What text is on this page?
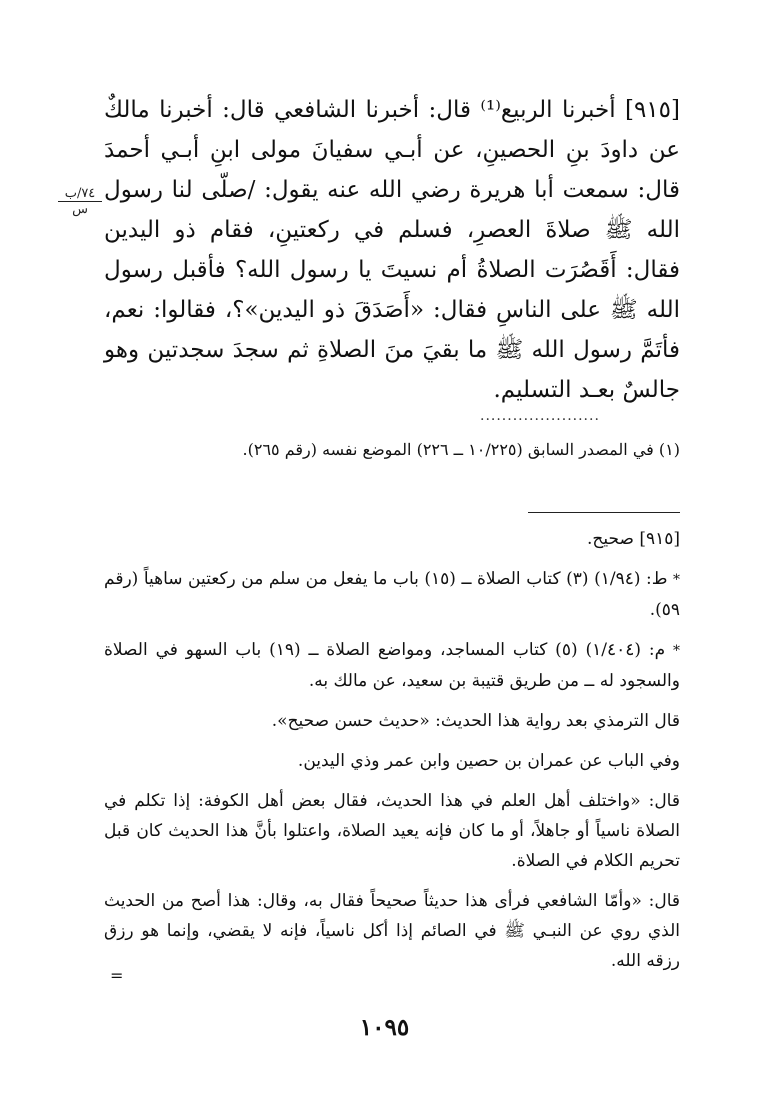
[٩١٥] أخبرنا الربيع⁽¹⁾ قال: أخبرنا الشافعي قال: أخبرنا مالكٌ عن داودَ بنِ الحصينِ، عن أبـي سفيانَ مولى ابنِ أبـي أحمدَ قال: سمعت أبا هريرة رضي الله عنه يقول: /صلّى لنا رسول الله ﷺ صلاةَ العصرِ، فسلم في ركعتينِ، فقام ذو اليدين فقال: أَقَصُرَت الصلاةُ أم نسيتَ يا رسول الله؟ فأقبل رسول الله ﷺ على الناسِ فقال: «أَصَدَقَ ذو اليدين»؟، فقالوا: نعم، فأتَمَّ رسول الله ﷺ ما بقيَ منَ الصلاةِ ثم سجدَ سجدتين وهو جالسٌ بعـد التسليم.

٧٤/ب
س
......................
(١) في المصدر السابق (١٠/٢٢٥ ــ ٢٢٦) الموضع نفسه (رقم ٢٦٥).

[٩١٥] صحيح.

* ط: (١/٩٤) (٣) كتاب الصلاة ــ (١٥) باب ما يفعل من سلم من ركعتين ساهياً (رقم ٥٩).

* م: (١/٤٠٤) (٥) كتاب المساجد، ومواضع الصلاة ــ (١٩) باب السهو في الصلاة والسجود له ــ من طريق قتيبة بن سعيد، عن مالك به.

قال الترمذي بعد رواية هذا الحديث: «حديث حسن صحيح».

وفي الباب عن عمران بن حصين وابن عمر وذي اليدين.

قال: «واختلف أهل العلم في هذا الحديث، فقال بعض أهل الكوفة: إذا تكلم في الصلاة ناسياً أو جاهلاً، أو ما كان فإنه يعيد الصلاة، واعتلوا بأنَّ هذا الحديث كان قبل تحريم الكلام في الصلاة.

قال: «وأمّا الشافعي فرأى هذا حديثاً صحيحاً فقال به، وقال: هذا أصح من الحديث الذي روي عن النبـي ﷺ في الصائم إذا أكل ناسياً، فإنه لا يقضي، وإنما هو رزق رزقه الله.

=
١٠٩٥
